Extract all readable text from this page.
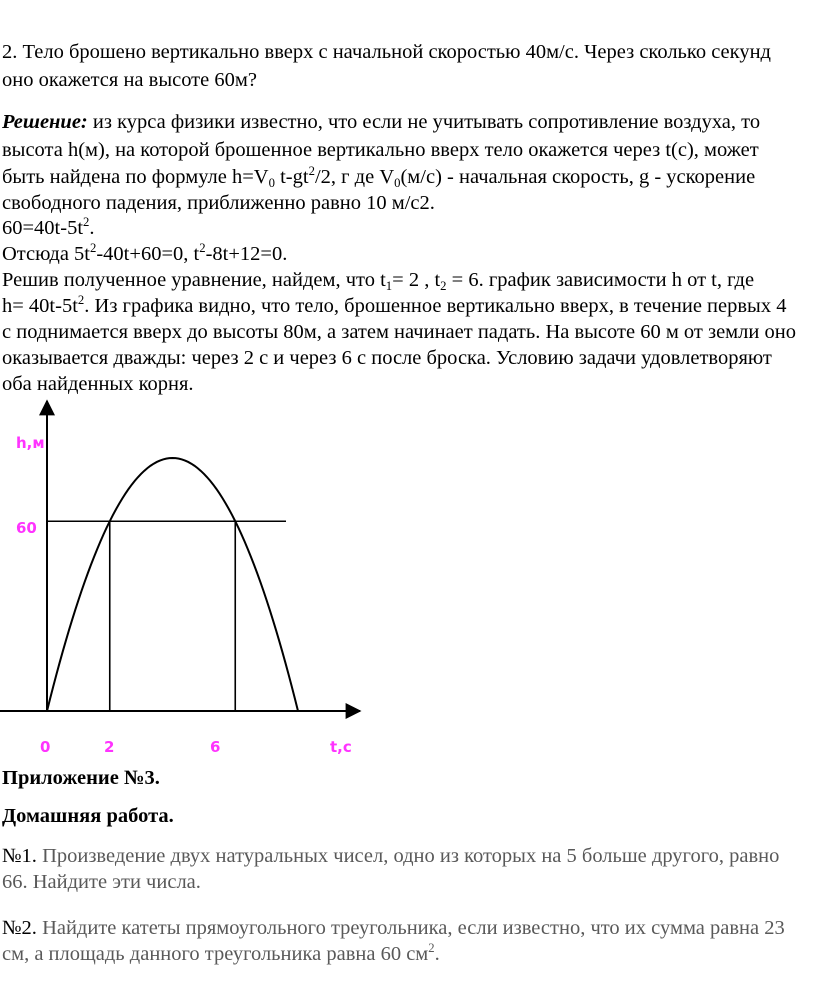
2. Тело брошено вертикально вверх с начальной скоростью 40м/с. Через сколько секунд

оно окажется на высоте 60м?

Решение: из курса физики известно, что если не учитывать сопротивление воздуха, то

высота h(м), на которой брошенное вертикально вверх тело окажется через t(с), может

быть найдена по формуле $h=V_0$ $t-gt^2/2$, г де $V_0(м/с)$ - начальная скорость, g - ускорение

свободного падения, приближенно равно 10 м/с2.

$60=40t-5t^2$.

Отсюда $5t^2-40t+60=0$, $t^2-8t+12=0$.

Решив полученное уравнение, найдем, что $t_1= 2$ , $t_2 = 6$. график зависимости h от t, где

$h= 40t-5t^2$. Из графика видно, что тело, брошенное вертикально вверх, в течение первых 4

с поднимается вверх до высоты 80м, а затем начинает падать. На высоте 60 м от земли оно

оказывается дважды: через 2 с и через 6 с после броска. Условию задачи удовлетворяют

оба найденных корня.

h,м
60
0	2	6	t,c

Приложение №3.

Домашняя работа.

№1. Произведение двух натуральных чисел, одно из которых на 5 больше другого, равно

66. Найдите эти числа.

№2. Найдите катеты прямоугольного треугольника, если известно, что их сумма равна 23

см, а площадь данного треугольника равна 60 $см^2$.
